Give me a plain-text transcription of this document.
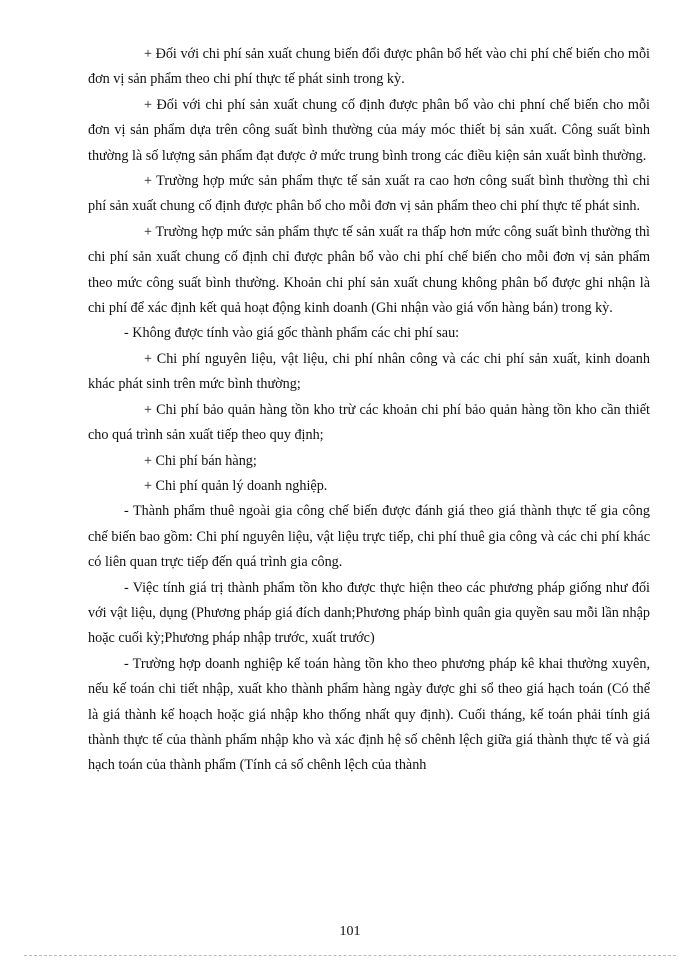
+ Đối với chi phí sản xuất chung biến đổi được phân bổ hết vào chi phí chế biến cho mỗi đơn vị sản phẩm theo chi phí thực tế phát sinh trong kỳ.

+ Đối với chi phí sản xuất chung cố định được phân bổ vào chi phní chế biến cho mỗi đơn vị sản phẩm dựa trên công suất bình thường của máy móc thiết bị sản xuất. Công suất bình thường là số lượng sản phẩm đạt được ở mức trung bình trong các điều kiện sản xuất bình thường.

+ Trường hợp mức sản phẩm thực tế sản xuất ra cao hơn công suất bình thường thì chi phí sản xuất chung cố định được phân bổ cho mỗi đơn vị sản phẩm theo chi phí thực tế phát sinh.

+ Trường hợp mức sản phẩm thực tế sản xuất ra thấp hơn mức công suất bình thường thì chi phí sản xuất chung cố định chỉ được phân bổ vào chi phí chế biến cho mỗi đơn vị sản phẩm theo mức công suất bình thường. Khoản chi phí sản xuất chung không phân bổ được ghi nhận là chi phí để xác định kết quả hoạt động kinh doanh (Ghi nhận vào giá vốn hàng bán) trong kỳ.

- Không được tính vào giá gốc thành phẩm các chi phí sau:

+ Chi phí nguyên liệu, vật liệu, chi phí nhân công và các chi phí sản xuất, kinh doanh khác phát sinh trên mức bình thường;

+ Chi phí bảo quản hàng tồn kho trừ các khoản chi phí bảo quản hàng tồn kho cần thiết cho quá trình sản xuất tiếp theo quy định;

+ Chi phí bán hàng;

+ Chi phí quản lý doanh nghiệp.

- Thành phẩm thuê ngoài gia công chế biến được đánh giá theo giá thành thực tế gia công chế biến bao gồm: Chi phí nguyên liệu, vật liệu trực tiếp, chi phí thuê gia công và các chi phí khác có liên quan trực tiếp đến quá trình gia công.

- Việc tính giá trị thành phẩm tồn kho được thực hiện theo các phương pháp giống như đối với vật liệu, dụng (Phương pháp giá đích danh;Phương pháp bình quân gia quyền sau mỗi lần nhập hoặc cuối kỳ;Phương pháp nhập trước, xuất trước)

- Trường hợp doanh nghiệp kế toán hàng tồn kho theo phương pháp kê khai thường xuyên, nếu kế toán chi tiết nhập, xuất kho thành phẩm hàng ngày được ghi sổ theo giá hạch toán (Có thể là giá thành kế hoạch hoặc giá nhập kho thống nhất quy định). Cuối tháng, kế toán phải tính giá thành thực tế của thành phẩm nhập kho và xác định hệ số chênh lệch giữa giá thành thực tế và giá hạch toán của thành phẩm (Tính cả số chênh lệch của thành

101
